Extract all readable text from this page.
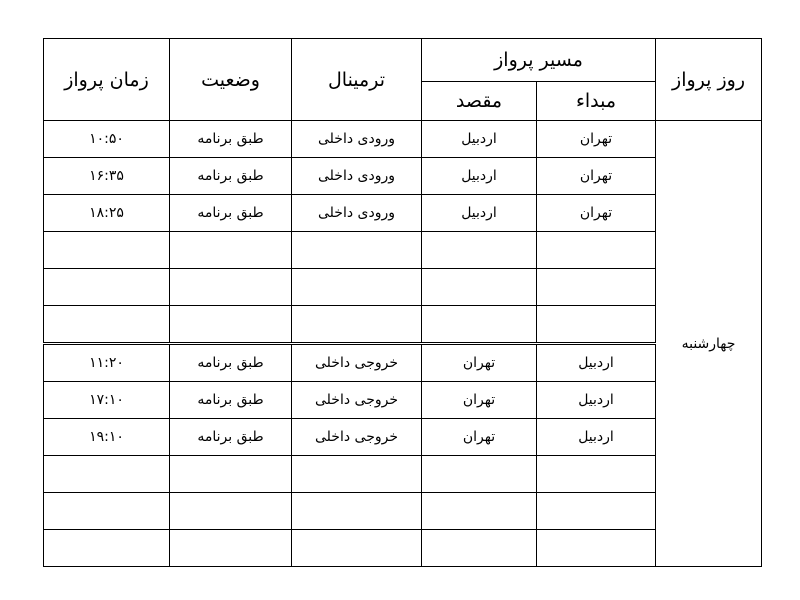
زمان پرواز	وضعیت	ترمینال	مسیر پرواز		روز پرواز
			مقصد	مبداء	
۱۰:۵۰	طبق برنامه	ورودی داخلی	اردبیل	تهران	چهارشنبه
۱۶:۳۵	طبق برنامه	ورودی داخلی	اردبیل	تهران	
۱۸:۲۵	طبق برنامه	ورودی داخلی	اردبیل	تهران	

۱۱:۲۰	طبق برنامه	خروجی داخلی	تهران	اردبیل	
۱۷:۱۰	طبق برنامه	خروجی داخلی	تهران	اردبیل	
۱۹:۱۰	طبق برنامه	خروجی داخلی	تهران	اردبیل	
